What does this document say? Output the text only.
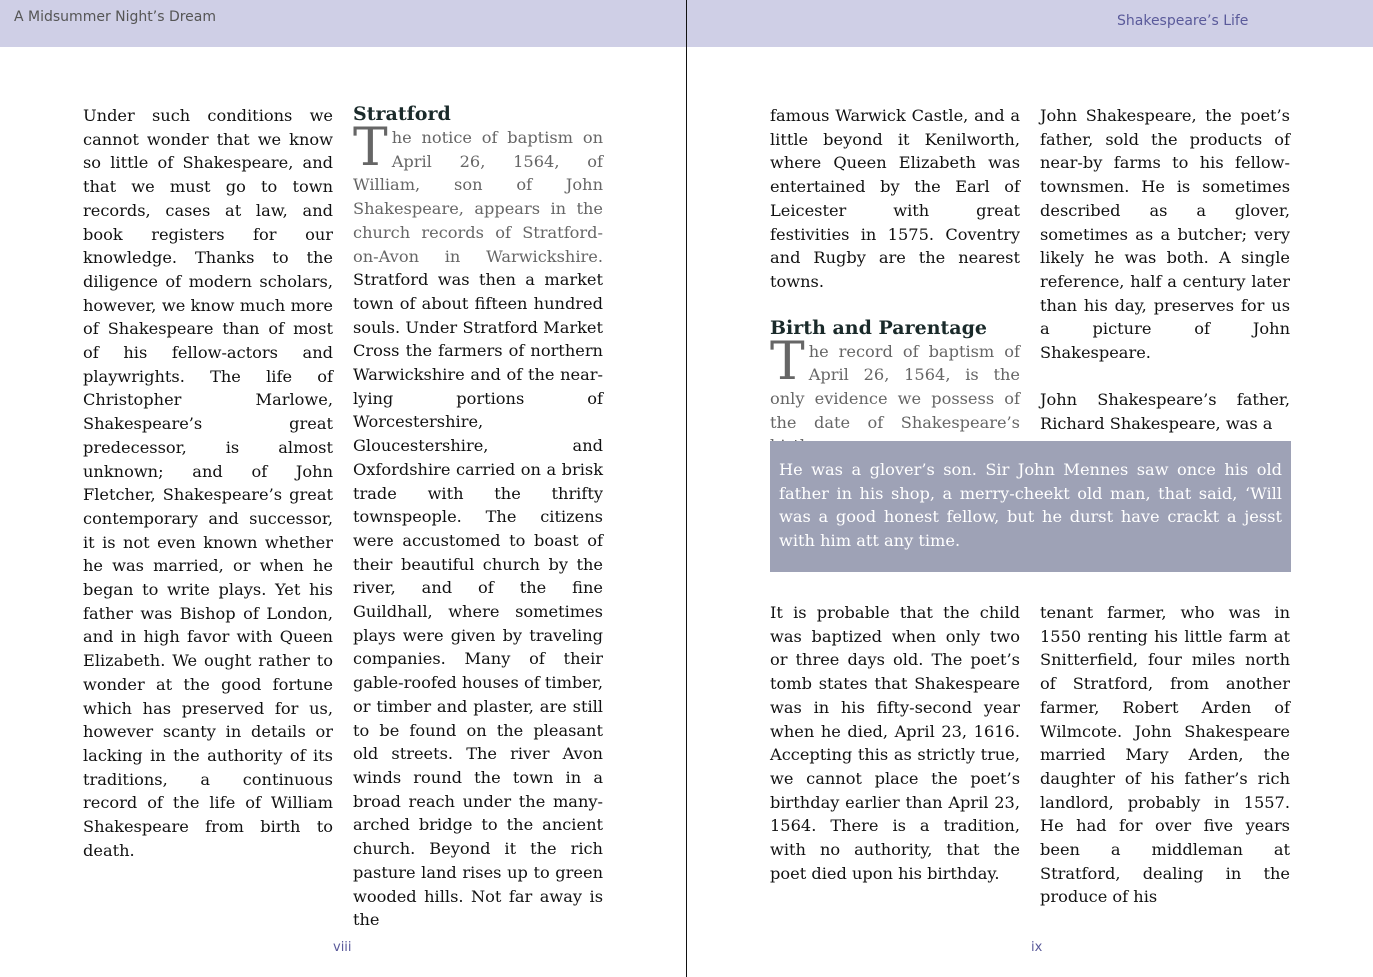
A Midsummer Night’s Dream

Under such conditions we cannot wonder that we know so little of Shakespeare, and that we must go to town records, cases at law, and book registers for our knowledge. Thanks to the diligence of modern scholars, however, we know much more of Shakespeare than of most of his fellow-actors and playwrights. The life of Christopher Marlowe, Shakespeare’s great predecessor, is almost unknown; and of John Fletcher, Shakespeare’s great contemporary and successor, it is not even known whether he was married, or when he began to write plays. Yet his father was Bishop of London, and in high favor with Queen Elizabeth. We ought rather to wonder at the good fortune which has preserved for us, however scanty in details or lacking in the authority of its traditions, a continuous record of the life of William Shakespeare from birth to death.

Stratford

The notice of baptism on April 26, 1564, of William, son of John Shakespeare, appears in the church records of Stratford-on-Avon in Warwickshire. Stratford was then a market town of about fifteen hundred souls. Under Stratford Market Cross the farmers of northern Warwickshire and of the near-lying portions of Worcestershire, Gloucestershire, and Oxfordshire carried on a brisk trade with the thrifty townspeople. The citizens were accustomed to boast of their beautiful church by the river, and of the fine Guildhall, where sometimes plays were given by traveling companies. Many of their gable-roofed houses of timber, or timber and plaster, are still to be found on the pleasant old streets. The river Avon winds round the town in a broad reach under the many-arched bridge to the ancient church. Beyond it the rich pasture land rises up to green wooded hills. Not far away is the

viii
Shakespeare’s Life

famous Warwick Castle, and a little beyond it Kenilworth, where Queen Elizabeth was entertained by the Earl of Leicester with great festivities in 1575. Coventry and Rugby are the nearest towns.

Birth and Parentage

The record of baptism of April 26, 1564, is the only evidence we possess of the date of Shakespeare’s

John Shakespeare, the poet’s father, sold the products of near-by farms to his fellow-townsmen. He is sometimes described as a glover, sometimes as a butcher; very likely he was both. A single reference, half a century later than his day, preserves for us a picture of John Shakespeare.

John Shakespeare’s father, Richard Shakespeare, was a

He was a glover’s son. Sir John Mennes saw once his old father in his shop, a merry-cheekt old man, that said, ‘Will was a good honest fellow, but he durst have crackt a jesst with him att any time.

It is probable that the child was baptized when only two or three days old. The poet’s tomb states that Shakespeare was in his fifty-second year when he died, April 23, 1616. Accepting this as strictly true, we cannot place the poet’s birthday earlier than April 23, 1564. There is a tradition, with no authority, that the poet died upon his birthday.

tenant farmer, who was in 1550 renting his little farm at Snitterfield, four miles north of Stratford, from another farmer, Robert Arden of Wilmcote. John Shakespeare married Mary Arden, the daughter of his father’s rich landlord, probably in 1557. He had for over five years been a middleman at Stratford, dealing in the produce of his

ix
